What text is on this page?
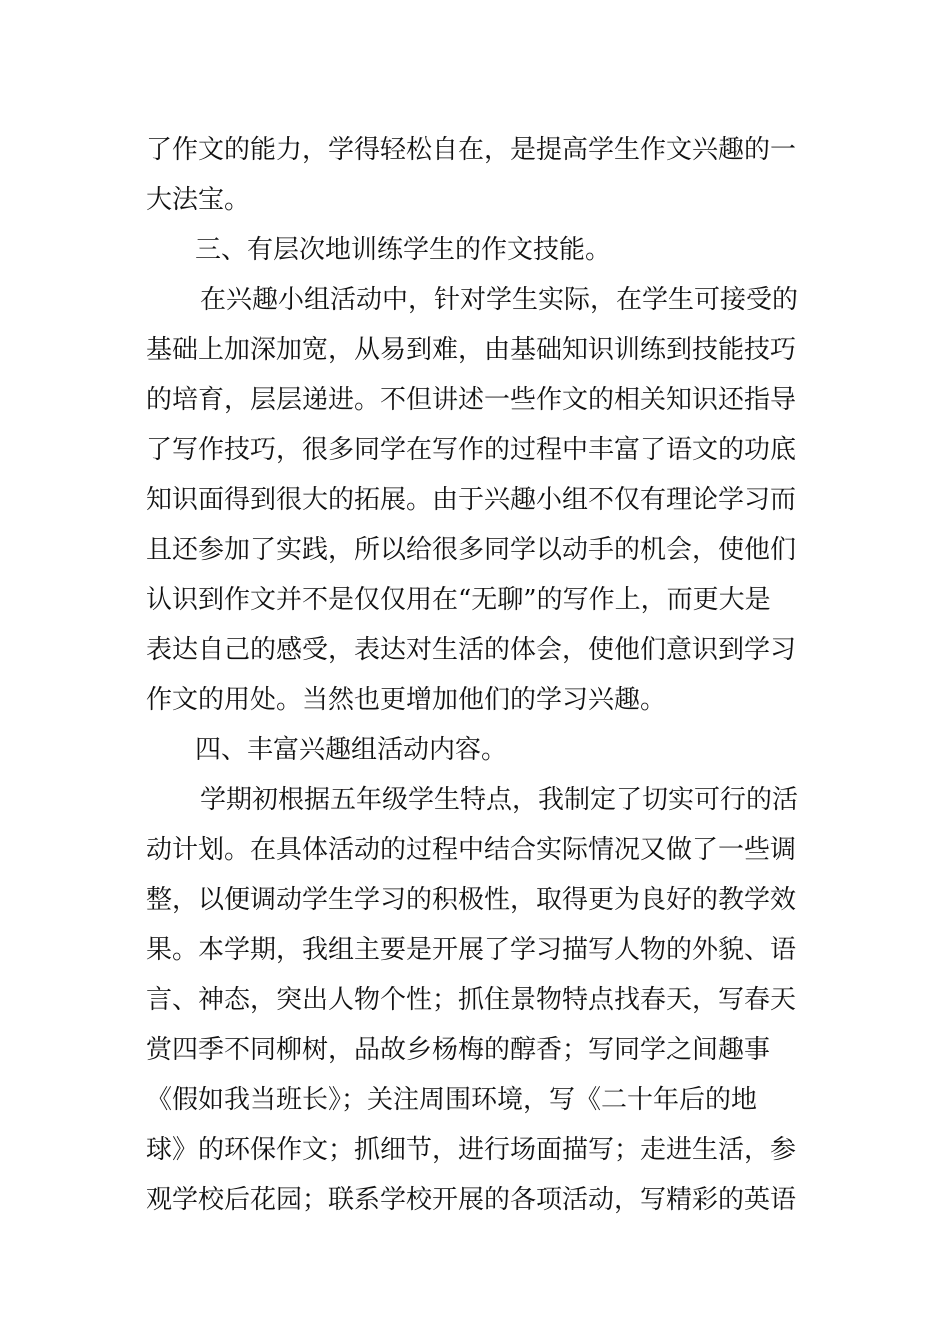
了作文的能力，学得轻松自在，是提高学生作文兴趣的一
大法宝。
三、有层次地训练学生的作文技能。
在兴趣小组活动中，针对学生实际，在学生可接受的
基础上加深加宽，从易到难，由基础知识训练到技能技巧
的培育，层层递进。不但讲述一些作文的相关知识还指导
了写作技巧，很多同学在写作的过程中丰富了语文的功底
知识面得到很大的拓展。由于兴趣小组不仅有理论学习而
且还参加了实践，所以给很多同学以动手的机会，使他们
认识到作文并不是仅仅用在“无聊”的写作上，而更大是
表达自己的感受，表达对生活的体会，使他们意识到学习
作文的用处。当然也更增加他们的学习兴趣。
四、丰富兴趣组活动内容。
学期初根据五年级学生特点，我制定了切实可行的活
动计划。在具体活动的过程中结合实际情况又做了一些调
整，以便调动学生学习的积极性，取得更为良好的教学效
果。本学期，我组主要是开展了学习描写人物的外貌、语
言、神态，突出人物个性；抓住景物特点找春天，写春天
赏四季不同柳树，品故乡杨梅的醇香；写同学之间趣事
《假如我当班长》；关注周围环境，写《二十年后的地
球》的环保作文；抓细节，进行场面描写；走进生活，参
观学校后花园；联系学校开展的各项活动，写精彩的英语
